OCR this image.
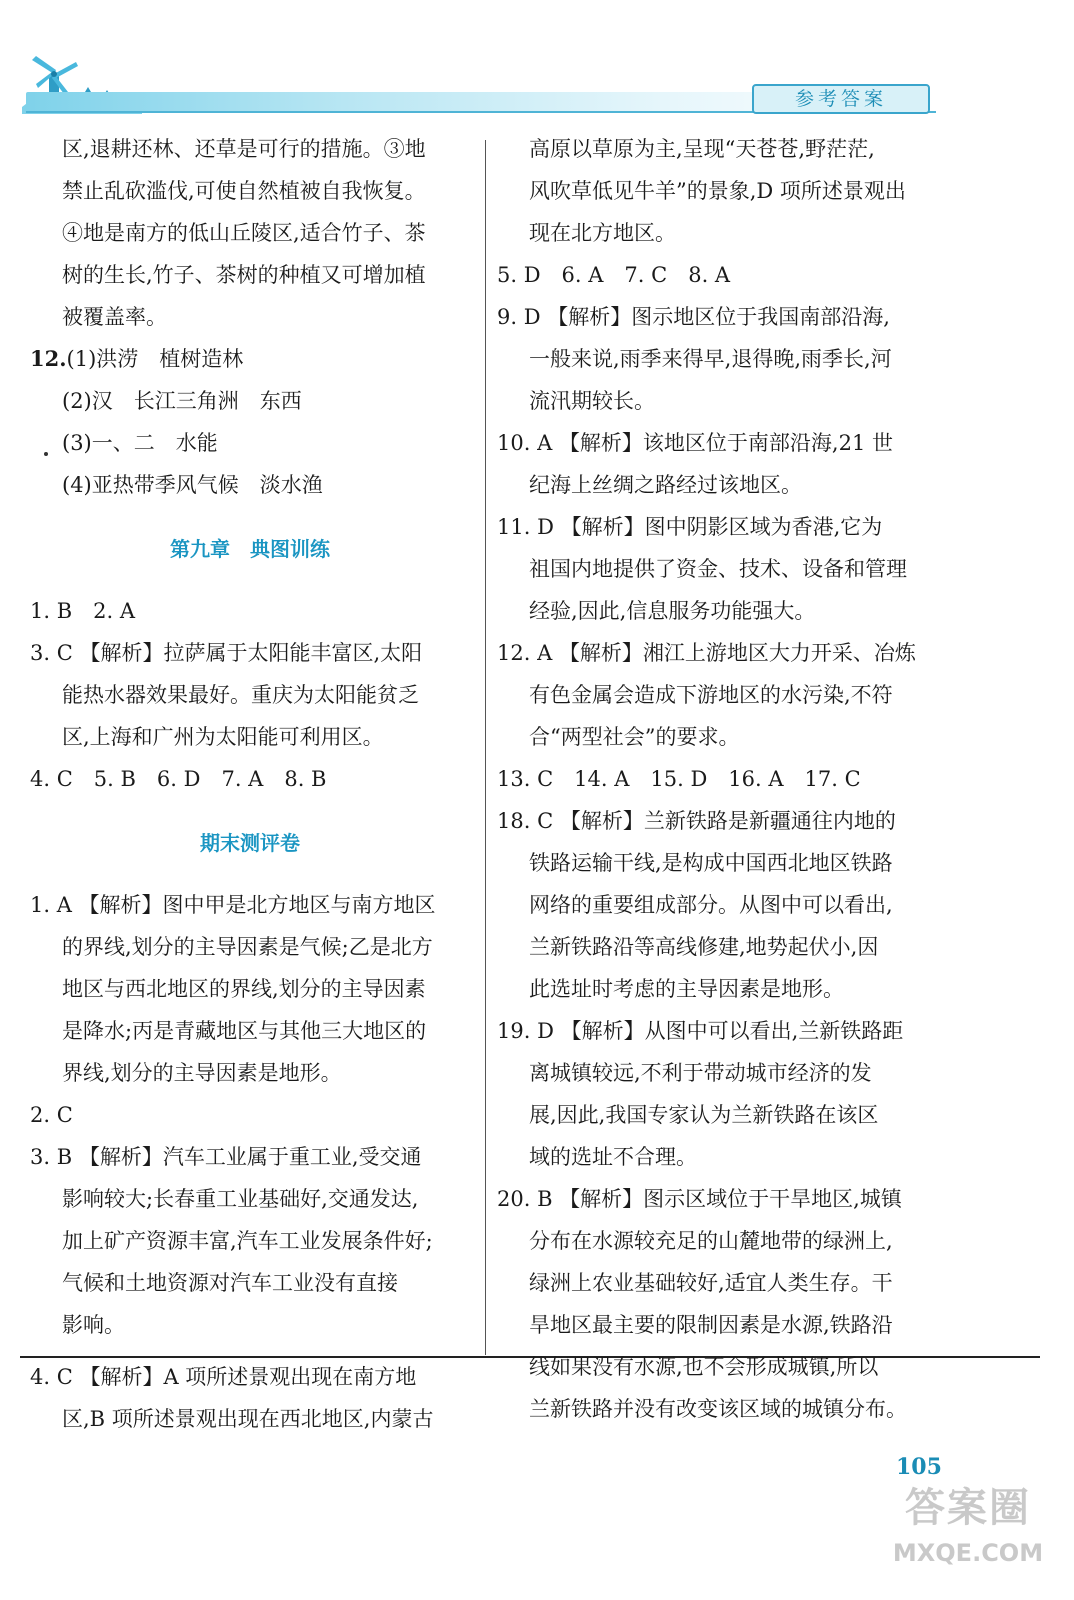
参考答案

区,退耕还林、还草是可行的措施。③地

禁止乱砍滥伐,可使自然植被自我恢复。

④地是南方的低山丘陵区,适合竹子、茶

树的生长,竹子、茶树的种植又可增加植

被覆盖率。

12.(1)洪涝　植树造林

(2)汉　长江三角洲　东西

(3)一、二　水能

(4)亚热带季风气候　淡水渔

第九章　典图训练

1. B　2. A

3. C 【解析】拉萨属于太阳能丰富区,太阳

能热水器效果最好。重庆为太阳能贫乏

区,上海和广州为太阳能可利用区。

4. C　5. B　6. D　7. A　8. B

期末测评卷

1. A 【解析】图中甲是北方地区与南方地区

的界线,划分的主导因素是气候;乙是北方

地区与西北地区的界线,划分的主导因素

是降水;丙是青藏地区与其他三大地区的

界线,划分的主导因素是地形。

2. C

3. B 【解析】汽车工业属于重工业,受交通

影响较大;长春重工业基础好,交通发达,

加上矿产资源丰富,汽车工业发展条件好;

气候和土地资源对汽车工业没有直接

影响。

4. C 【解析】A 项所述景观出现在南方地

区,B 项所述景观出现在西北地区,内蒙古

高原以草原为主,呈现“天苍苍,野茫茫,

风吹草低见牛羊”的景象,D 项所述景观出

现在北方地区。

5. D　6. A　7. C　8. A

9. D 【解析】图示地区位于我国南部沿海,

一般来说,雨季来得早,退得晚,雨季长,河

流汛期较长。

10. A 【解析】该地区位于南部沿海,21 世

纪海上丝绸之路经过该地区。

11. D 【解析】图中阴影区域为香港,它为

祖国内地提供了资金、技术、设备和管理

经验,因此,信息服务功能强大。

12. A 【解析】湘江上游地区大力开采、冶炼

有色金属会造成下游地区的水污染,不符

合“两型社会”的要求。

13. C　14. A　15. D　16. A　17. C

18. C 【解析】兰新铁路是新疆通往内地的

铁路运输干线,是构成中国西北地区铁路

网络的重要组成部分。从图中可以看出,

兰新铁路沿等高线修建,地势起伏小,因

此选址时考虑的主导因素是地形。

19. D 【解析】从图中可以看出,兰新铁路距

离城镇较远,不利于带动城市经济的发

展,因此,我国专家认为兰新铁路在该区

域的选址不合理。

20. B 【解析】图示区域位于干旱地区,城镇

分布在水源较充足的山麓地带的绿洲上,

绿洲上农业基础较好,适宜人类生存。干

旱地区最主要的限制因素是水源,铁路沿

线如果没有水源,也不会形成城镇,所以

兰新铁路并没有改变该区域的城镇分布。

105
答案圈
MXQE.COM
